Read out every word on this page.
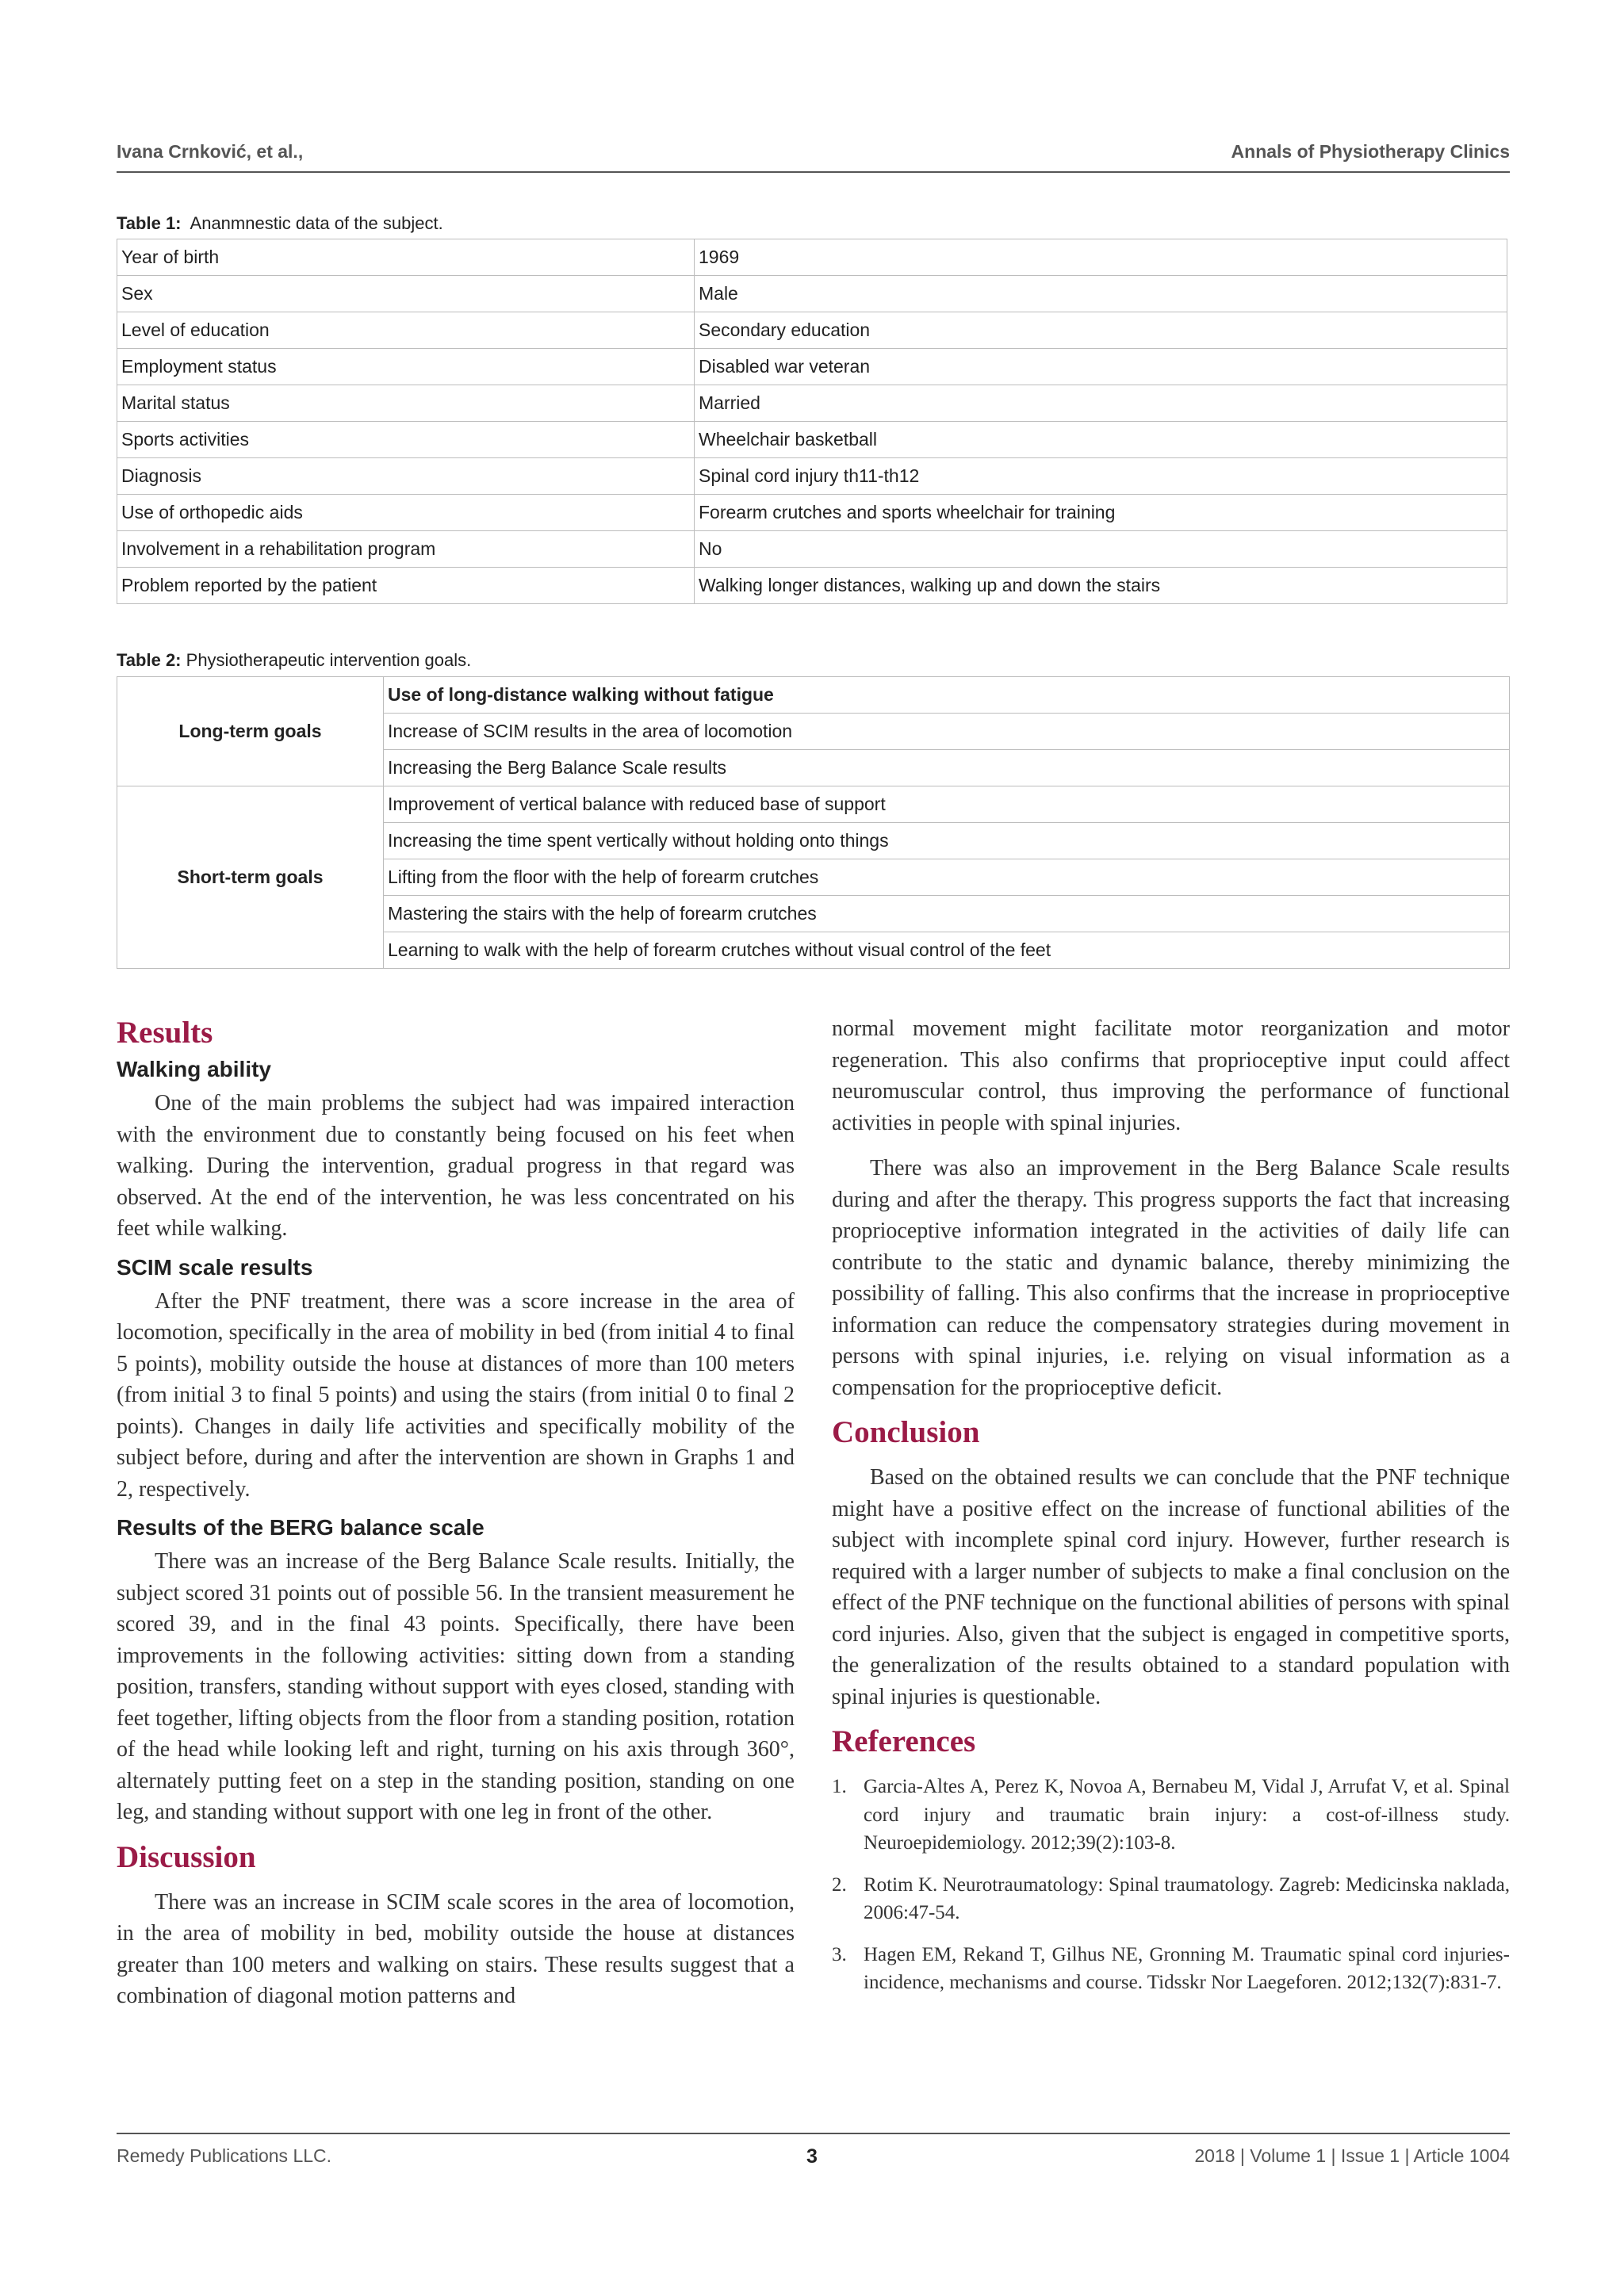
Ivana Crnković, et al.,	Annals of Physiotherapy Clinics
Table 1: Ananmnestic data of the subject.
Year of birth	1969
Sex	Male
Level of education	Secondary education
Employment status	Disabled war veteran
Marital status	Married
Sports activities	Wheelchair basketball
Diagnosis	Spinal cord injury th11-th12
Use of orthopedic aids	Forearm crutches and sports wheelchair for training
Involvement in a rehabilitation program	No
Problem reported by the patient	Walking longer distances, walking up and down the stairs
Table 2: Physiotherapeutic intervention goals.
Long-term goals	Use of long-distance walking without fatigue
	Increase of SCIM results in the area of locomotion
	Increasing the Berg Balance Scale results
Short-term goals	Improvement of vertical balance with reduced base of support
	Increasing the time spent vertically without holding onto things
	Lifting from the floor with the help of forearm crutches
	Mastering the stairs with the help of forearm crutches
	Learning to walk with the help of forearm crutches without visual control of the feet
Results
Walking ability

One of the main problems the subject had was impaired interaction with the environment due to constantly being focused on his feet when walking. During the intervention, gradual progress in that regard was observed. At the end of the intervention, he was less concentrated on his feet while walking.

SCIM scale results

After the PNF treatment, there was a score increase in the area of locomotion, specifically in the area of mobility in bed (from initial 4 to final 5 points), mobility outside the house at distances of more than 100 meters (from initial 3 to final 5 points) and using the stairs (from initial 0 to final 2 points). Changes in daily life activities and specifically mobility of the subject before, during and after the intervention are shown in Graphs 1 and 2, respectively.

Results of the BERG balance scale

There was an increase of the Berg Balance Scale results. Initially, the subject scored 31 points out of possible 56. In the transient measurement he scored 39, and in the final 43 points. Specifically, there have been improvements in the following activities: sitting down from a standing position, transfers, standing without support with eyes closed, standing with feet together, lifting objects from the floor from a standing position, rotation of the head while looking left and right, turning on his axis through 360°, alternately putting feet on a step in the standing position, standing on one leg, and standing without support with one leg in front of the other.

Discussion

There was an increase in SCIM scale scores in the area of locomotion, in the area of mobility in bed, mobility outside the house at distances greater than 100 meters and walking on stairs. These results suggest that a combination of diagonal motion patterns and

normal movement might facilitate motor reorganization and motor regeneration. This also confirms that proprioceptive input could affect neuromuscular control, thus improving the performance of functional activities in people with spinal injuries.

There was also an improvement in the Berg Balance Scale results during and after the therapy. This progress supports the fact that increasing proprioceptive information integrated in the activities of daily life can contribute to the static and dynamic balance, thereby minimizing the possibility of falling. This also confirms that the increase in proprioceptive information can reduce the compensatory strategies during movement in persons with spinal injuries, i.e. relying on visual information as a compensation for the proprioceptive deficit.

Conclusion

Based on the obtained results we can conclude that the PNF technique might have a positive effect on the increase of functional abilities of the subject with incomplete spinal cord injury. However, further research is required with a larger number of subjects to make a final conclusion on the effect of the PNF technique on the functional abilities of persons with spinal cord injuries. Also, given that the subject is engaged in competitive sports, the generalization of the results obtained to a standard population with spinal injuries is questionable.

References
1. Garcia-Altes A, Perez K, Novoa A, Bernabeu M, Vidal J, Arrufat V, et al. Spinal cord injury and traumatic brain injury: a cost-of-illness study. Neuroepidemiology. 2012;39(2):103-8.
2. Rotim K. Neurotraumatology: Spinal traumatology. Zagreb: Medicinska naklada, 2006:47-54.
3. Hagen EM, Rekand T, Gilhus NE, Gronning M. Traumatic spinal cord injuries- incidence, mechanisms and course. Tidsskr Nor Laegeforen. 2012;132(7):831-7.
Remedy Publications LLC.	3	2018 | Volume 1 | Issue 1 | Article 1004
